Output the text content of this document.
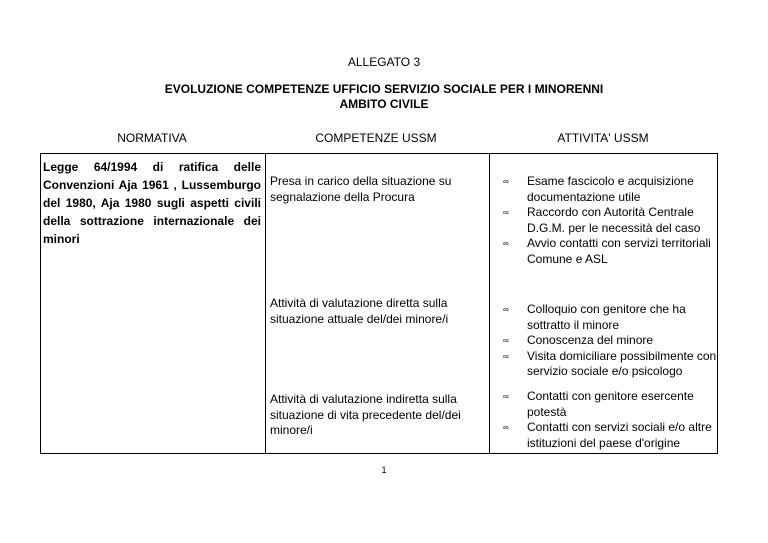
ALLEGATO 3
EVOLUZIONE COMPETENZE UFFICIO SERVIZIO SOCIALE PER I MINORENNI
AMBITO CIVILE
NORMATIVA	COMPETENZE USSM	ATTIVITA' USSM
Legge 64/1994 di ratifica delle Convenzioni Aja 1961 , Lussemburgo del 1980, Aja 1980 sugli aspetti civili della sottrazione internazionale dei minori
Presa in carico della situazione su segnalazione della Procura
Attività di valutazione diretta sulla situazione attuale del/dei minore/i
Attività di valutazione indiretta sulla situazione di vita precedente del/dei minore/i
∞ Esame fascicolo e acquisizione documentazione utile
∞ Raccordo con Autorità Centrale D.G.M. per le necessità del caso
∞ Avvio contatti con servizi territoriali Comune e ASL
∞ Colloquio con genitore che ha sottratto il minore
∞ Conoscenza del minore
∞ Visita domiciliare possibilmente con servizio sociale e/o psicologo
∞ Contatti con genitore esercente potestà
∞ Contatti con servizi sociali e/o altre istituzioni del paese d'origine
1
